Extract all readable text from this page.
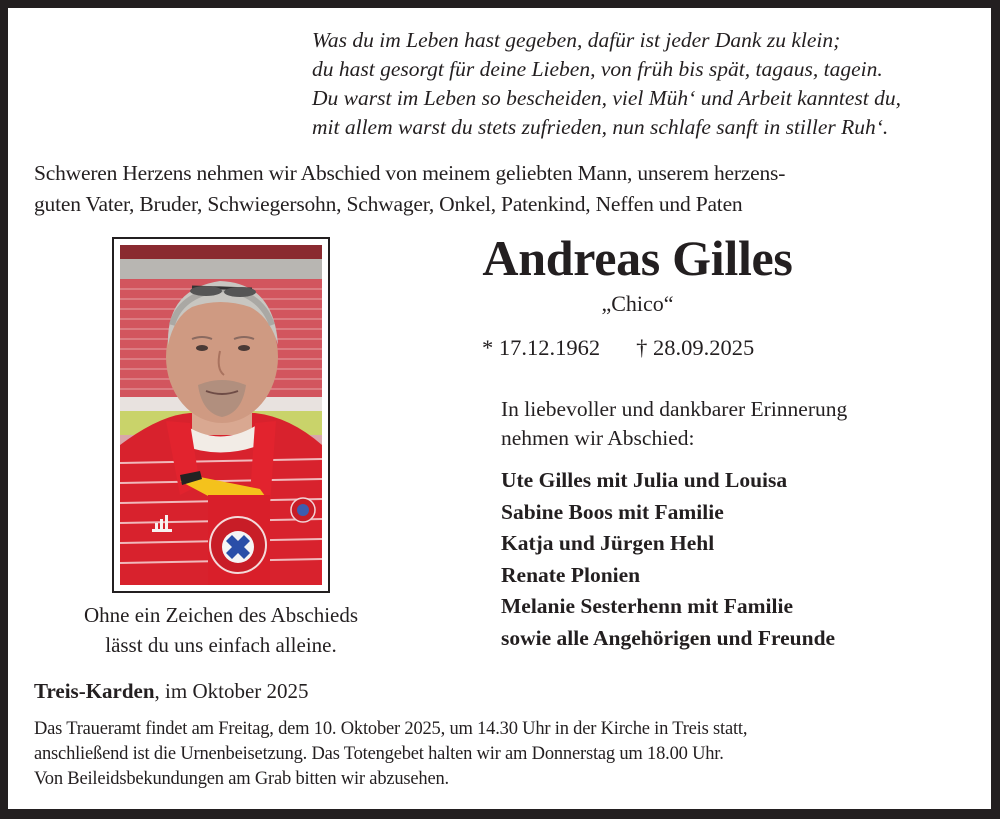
Was du im Leben hast gegeben, dafür ist jeder Dank zu klein;
du hast gesorgt für deine Lieben, von früh bis spät, tagaus, tagein.
Du warst im Leben so bescheiden, viel Müh‘ und Arbeit kanntest du,
mit allem warst du stets zufrieden, nun schlafe sanft in stiller Ruh‘.
Schweren Herzens nehmen wir Abschied von meinem geliebten Mann, unserem herzens-
guten Vater, Bruder, Schwiegersohn, Schwager, Onkel, Patenkind, Neffen und Paten
Ohne ein Zeichen des Abschieds
lässt du uns einfach alleine.
Andreas Gilles
„Chico“
* 17.12.1962 † 28.09.2025
In liebevoller und dankbarer Erinnerung
nehmen wir Abschied:
Ute Gilles mit Julia und Louisa
Sabine Boos mit Familie
Katja und Jürgen Hehl
Renate Plonien
Melanie Sesterhenn mit Familie
sowie alle Angehörigen und Freunde
Treis-Karden, im Oktober 2025
Das Traueramt findet am Freitag, dem 10. Oktober 2025, um 14.30 Uhr in der Kirche in Treis statt,
anschließend ist die Urnenbeisetzung. Das Totengebet halten wir am Donnerstag um 18.00 Uhr.
Von Beileidsbekundungen am Grab bitten wir abzusehen.
